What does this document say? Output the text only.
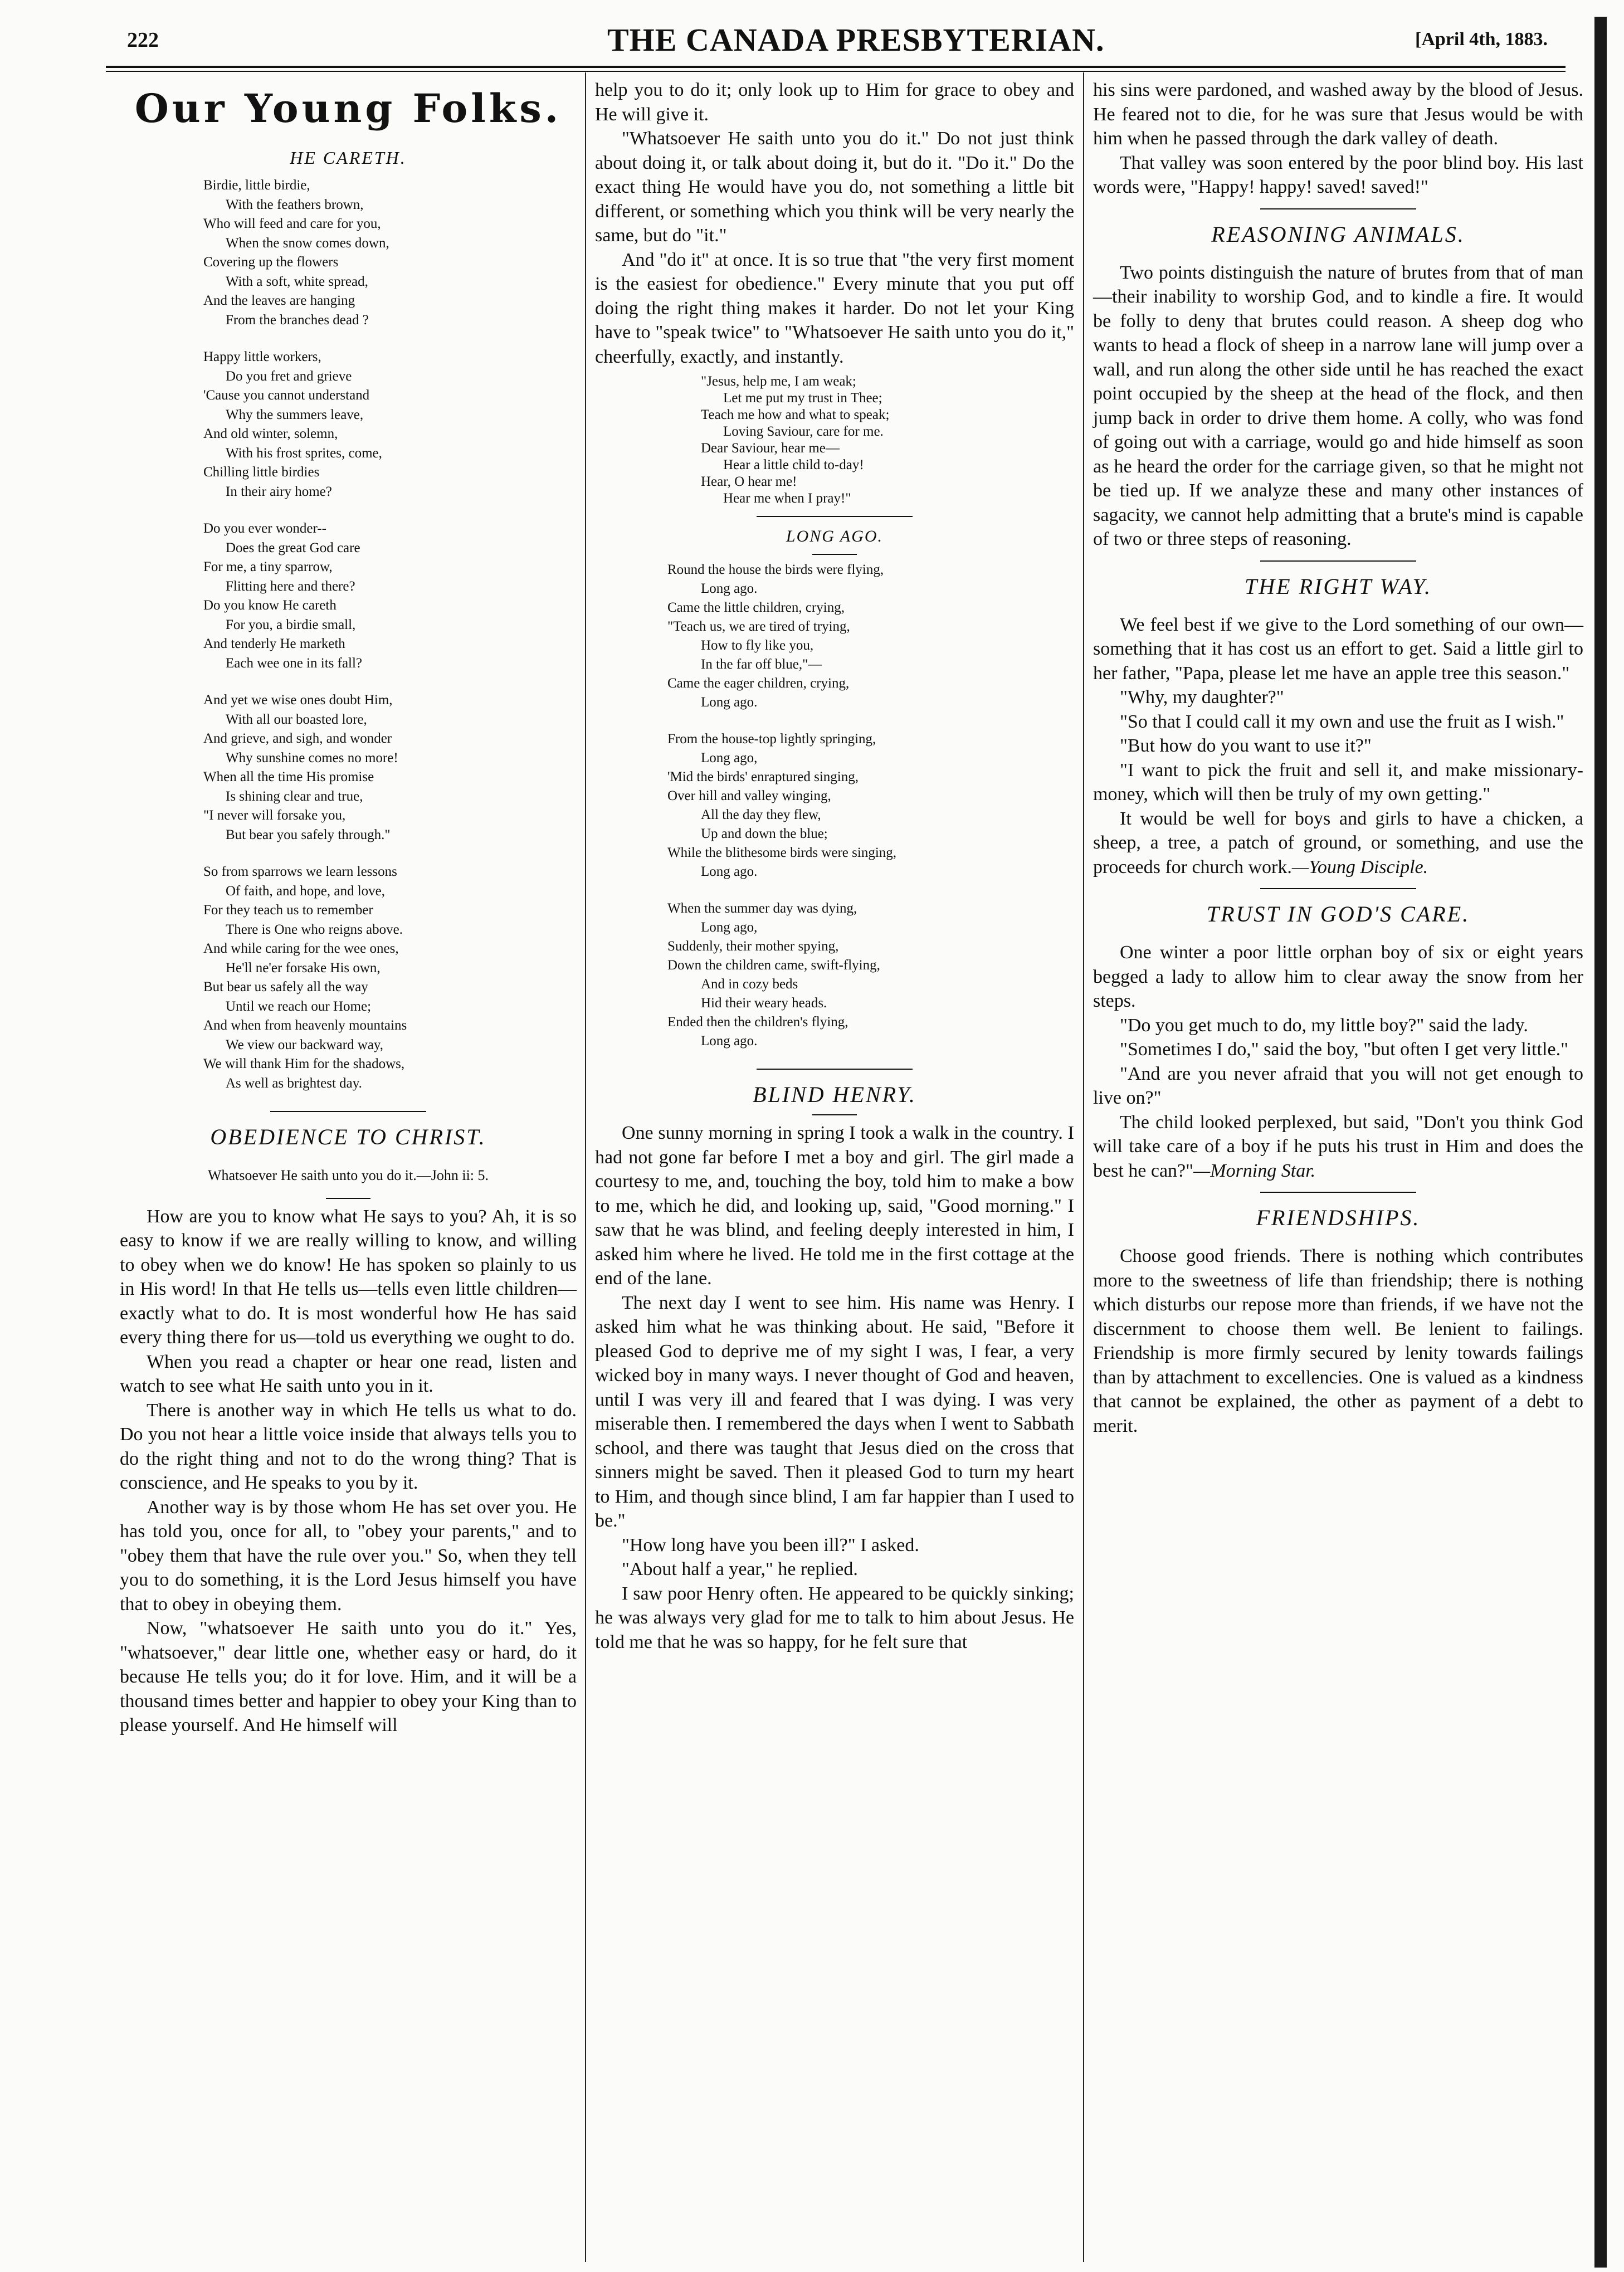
222	THE CANADA PRESBYTERIAN.	[April 4th, 1883.
Our Young Folks.
HE CARETH.
Birdie, little birdie,
With the feathers brown,
Who will feed and care for you,
When the snow comes down,
Covering up the flowers
With a soft, white spread,
And the leaves are hanging
From the branches dead ?
Happy little workers,
Do you fret and grieve
'Cause you cannot understand
Why the summers leave,
And old winter, solemn,
With his frost sprites, come,
Chilling little birdies
In their airy home?
Do you ever wonder--
Does the great God care
For me, a tiny sparrow,
Flitting here and there?
Do you know He careth
For you, a birdie small,
And tenderly He marketh
Each wee one in its fall?
And yet we wise ones doubt Him,
With all our boasted lore,
And grieve, and sigh, and wonder
Why sunshine comes no more!
When all the time His promise
Is shining clear and true,
"I never will forsake you,
But bear you safely through."
So from sparrows we learn lessons
Of faith, and hope, and love,
For they teach us to remember
There is One who reigns above.
And while caring for the wee ones,
He'll ne'er forsake His own,
But bear us safely all the way
Until we reach our Home;
And when from heavenly mountains
We view our backward way,
We will thank Him for the shadows,
As well as brightest day.
OBEDIENCE TO CHRIST.
Whatsoever He saith unto you do it.—John ii: 5.

How are you to know what He says to you? Ah, it is so easy to know if we are really willing to know, and willing to obey when we do know! He has spoken so plainly to us in His word! In that He tells us—tells even little children—exactly what to do. It is most wonderful how He has said every thing there for us—told us everything we ought to do.

When you read a chapter or hear one read, listen and watch to see what He saith unto you in it.

There is another way in which He tells us what to do. Do you not hear a little voice inside that always tells you to do the right thing and not to do the wrong thing? That is conscience, and He speaks to you by it.

Another way is by those whom He has set over you. He has told you, once for all, to "obey your parents," and to "obey them that have the rule over you." So, when they tell you to do something, it is the Lord Jesus himself you have that to obey in obeying them.

Now, "whatsoever He saith unto you do it." Yes, "whatsoever," dear little one, whether easy or hard, do it because He tells you; do it for love. Him, and it will be a thousand times better and happier to obey your King than to please yourself. And He himself will

help you to do it; only look up to Him for grace to obey and He will give it.

"Whatsoever He saith unto you do it." Do not just think about doing it, or talk about doing it, but do it. "Do it." Do the exact thing He would have you do, not something a little bit different, or something which you think will be very nearly the same, but do "it."

And "do it" at once. It is so true that "the very first moment is the easiest for obedience." Every minute that you put off doing the right thing makes it harder. Do not let your King have to "speak twice" to "Whatsoever He saith unto you do it," cheerfully, exactly, and instantly.

"Jesus, help me, I am weak;
Let me put my trust in Thee;
Teach me how and what to speak;
Loving Saviour, care for me.
Dear Saviour, hear me—
Hear a little child to-day!
Hear, O hear me!
Hear me when I pray!"
LONG AGO.
Round the house the birds were flying,
Long ago.
Came the little children, crying,
"Teach us, we are tired of trying,
How to fly like you,
In the far off blue,"—
Came the eager children, crying,
Long ago.
From the house-top lightly springing,
Long ago,
'Mid the birds' enraptured singing,
Over hill and valley winging,
All the day they flew,
Up and down the blue;
While the blithesome birds were singing,
Long ago.
When the summer day was dying,
Long ago,
Suddenly, their mother spying,
Down the children came, swift-flying,
And in cozy beds
Hid their weary heads.
Ended then the children's flying,
Long ago.
BLIND HENRY.

One sunny morning in spring I took a walk in the country. I had not gone far before I met a boy and girl. The girl made a courtesy to me, and, touching the boy, told him to make a bow to me, which he did, and looking up, said, "Good morning." I saw that he was blind, and feeling deeply interested in him, I asked him where he lived. He told me in the first cottage at the end of the lane.

The next day I went to see him. His name was Henry. I asked him what he was thinking about. He said, "Before it pleased God to deprive me of my sight I was, I fear, a very wicked boy in many ways. I never thought of God and heaven, until I was very ill and feared that I was dying. I was very miserable then. I remembered the days when I went to Sabbath school, and there was taught that Jesus died on the cross that sinners might be saved. Then it pleased God to turn my heart to Him, and though since blind, I am far happier than I used to be."

"How long have you been ill?" I asked.

"About half a year," he replied.

I saw poor Henry often. He appeared to be quickly sinking; he was always very glad for me to talk to him about Jesus. He told me that he was so happy, for he felt sure that

his sins were pardoned, and washed away by the blood of Jesus. He feared not to die, for he was sure that Jesus would be with him when he passed through the dark valley of death.

That valley was soon entered by the poor blind boy. His last words were, "Happy! happy! saved! saved!"

REASONING ANIMALS.

Two points distinguish the nature of brutes from that of man—their inability to worship God, and to kindle a fire. It would be folly to deny that brutes could reason. A sheep dog who wants to head a flock of sheep in a narrow lane will jump over a wall, and run along the other side until he has reached the exact point occupied by the sheep at the head of the flock, and then jump back in order to drive them home. A colly, who was fond of going out with a carriage, would go and hide himself as soon as he heard the order for the carriage given, so that he might not be tied up. If we analyze these and many other instances of sagacity, we cannot help admitting that a brute's mind is capable of two or three steps of reasoning.

THE RIGHT WAY.

We feel best if we give to the Lord something of our own—something that it has cost us an effort to get. Said a little girl to her father, "Papa, please let me have an apple tree this season."

"Why, my daughter?"

"So that I could call it my own and use the fruit as I wish."

"But how do you want to use it?"

"I want to pick the fruit and sell it, and make missionary-money, which will then be truly of my own getting."

It would be well for boys and girls to have a chicken, a sheep, a tree, a patch of ground, or something, and use the proceeds for church work.—Young Disciple.

TRUST IN GOD'S CARE.

One winter a poor little orphan boy of six or eight years begged a lady to allow him to clear away the snow from her steps.

"Do you get much to do, my little boy?" said the lady.

"Sometimes I do," said the boy, "but often I get very little."

"And are you never afraid that you will not get enough to live on?"

The child looked perplexed, but said, "Don't you think God will take care of a boy if he puts his trust in Him and does the best he can?"—Morning Star.

FRIENDSHIPS.

Choose good friends. There is nothing which contributes more to the sweetness of life than friendship; there is nothing which disturbs our repose more than friends, if we have not the discernment to choose them well. Be lenient to failings. Friendship is more firmly secured by lenity towards failings than by attachment to excellencies. One is valued as a kindness that cannot be explained, the other as payment of a debt to merit.
